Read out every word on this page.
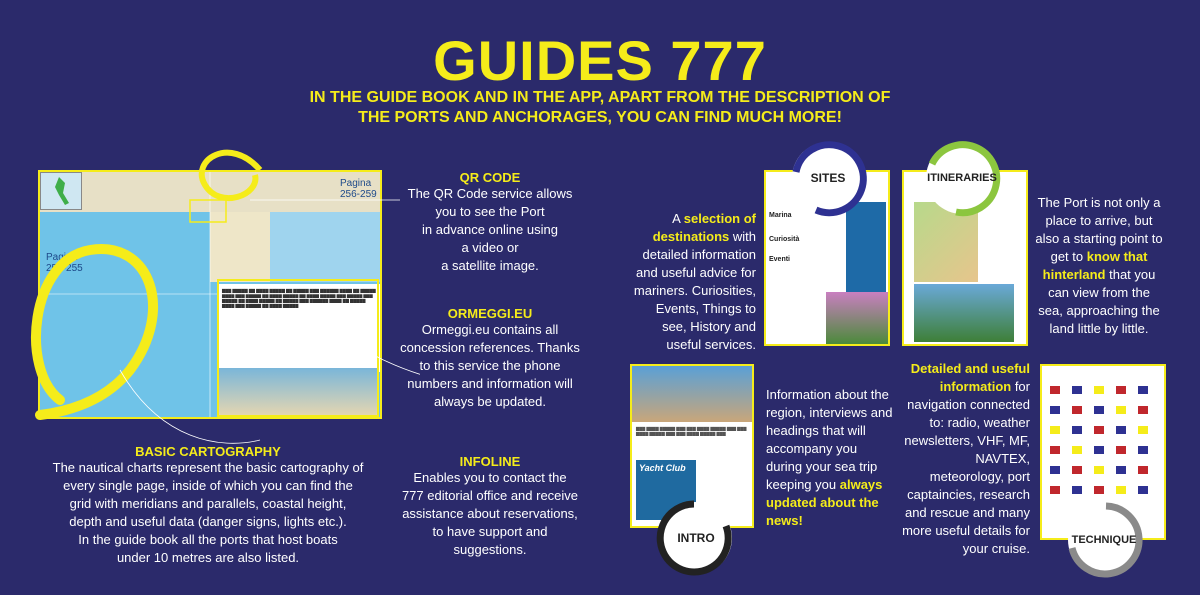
GUIDES 777
IN THE GUIDE BOOK AND IN THE APP, APART FROM THE DESCRIPTION OF
THE PORTS AND ANCHORAGES, YOU CAN FIND MUCH MORE!
Pagina
256-259
Pagina
254-255
▇▇▇ ▇▇▇▇▇ ▇▇ ▇▇▇▇ ▇▇▇▇▇ ▇▇ ▇▇▇▇▇ ▇▇▇ ▇▇▇▇▇▇ ▇▇▇▇ ▇▇ ▇▇▇▇▇ ▇▇▇▇ ▇▇▇ ▇▇▇▇▇ ▇▇ ▇▇▇▇ ▇▇▇▇▇ ▇▇ ▇▇▇▇ ▇▇▇▇▇ ▇▇▇ ▇▇▇▇▇ ▇▇▇ ▇▇▇▇▇ ▇▇ ▇▇▇▇ ▇▇▇▇▇ ▇▇ ▇▇▇▇▇ ▇▇▇ ▇▇▇▇▇▇ ▇▇▇▇ ▇▇ ▇▇▇▇▇ ▇▇▇▇ ▇▇▇ ▇▇▇▇▇ ▇▇ ▇▇▇▇ ▇▇▇▇▇
QR CODE
The QR Code service allows
you to see the Port
in advance online using
a video or
a satellite image.
ORMEGGI.EU
Ormeggi.eu contains all
concession references. Thanks
to this service the phone
numbers and information will
always be updated.
INFOLINE
Enables you to contact the
777 editorial office and receive
assistance about reservations,
to have support and
suggestions.
BASIC CARTOGRAPHY
The nautical charts represent the basic cartography of
every single page, inside of which you can find the
grid with meridians and parallels, coastal height,
depth and useful data (danger signs, lights etc.).
In the guide book all the ports that host boats
under 10 metres are also listed.
A selection of destinations with detailed information and useful advice for mariners. Curiosities, Events, Things to see, History and useful services.
Marina
Curiosità
Eventi
SITES	ITINERARIES
The Port is not only a place to arrive, but also a starting point to get to know that hinterland that you can view from the sea, approaching the land little by little.
▇▇▇ ▇▇▇▇ ▇▇▇▇▇ ▇▇▇ ▇▇▇ ▇▇▇▇ ▇▇▇▇▇ ▇▇▇ ▇▇▇ ▇▇▇▇ ▇▇▇▇▇ ▇▇▇ ▇▇▇ ▇▇▇▇ ▇▇▇▇▇ ▇▇▇
Yacht Club
INTRO
Information about the region, interviews and headings that will accompany you during your sea trip keeping you always updated about the news!
Detailed and useful information for navigation connected to: radio, weather newsletters, VHF, MF, NAVTEX, meteorology, port captaincies, research and rescue and many more useful details for your cruise.
TECHNIQUE
